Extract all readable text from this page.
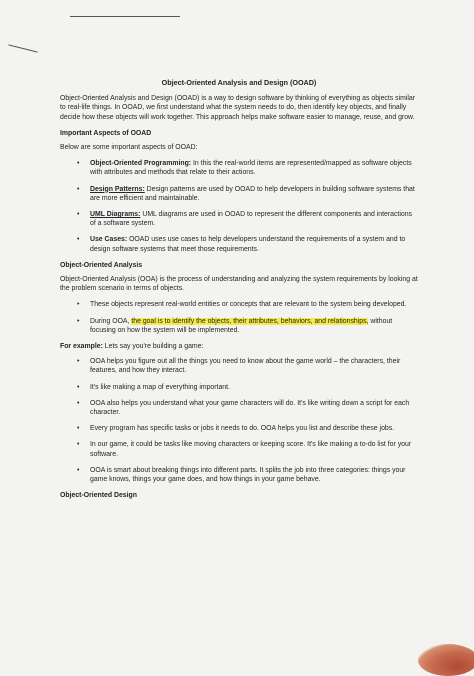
Object-Oriented Analysis and Design (OOAD)

Object-Oriented Analysis and Design (OOAD) is a way to design software by thinking of everything as objects similar to real-life things. In OOAD, we first understand what the system needs to do, then identify key objects, and finally decide how these objects will work together. This approach helps make software easier to manage, reuse, and grow.

Important Aspects of OOAD

Below are some important aspects of OOAD:

• Object-Oriented Programming: In this the real-world items are represented/mapped as software objects with attributes and methods that relate to their actions.
• Design Patterns: Design patterns are used by OOAD to help developers in building software systems that are more efficient and maintainable.
• UML Diagrams: UML diagrams are used in OOAD to represent the different components and interactions of a software system.
• Use Cases: OOAD uses use cases to help developers understand the requirements of a system and to design software systems that meet those requirements.
Object-Oriented Analysis

Object-Oriented Analysis (OOA) is the process of understanding and analyzing the system requirements by looking at the problem scenario in terms of objects.

• These objects represent real-world entities or concepts that are relevant to the system being developed.
• During OOA, the goal is to identify the objects, their attributes, behaviors, and relationships, without focusing on how the system will be implemented.

For example: Lets say you're building a game:

• OOA helps you figure out all the things you need to know about the game world – the characters, their features, and how they interact.
• It's like making a map of everything important.
• OOA also helps you understand what your game characters will do. It's like writing down a script for each character.
• Every program has specific tasks or jobs it needs to do. OOA helps you list and describe these jobs.
• In our game, it could be tasks like moving characters or keeping score. It's like making a to-do list for your software.
• OOA is smart about breaking things into different parts. It splits the job into three categories: things your game knows, things your game does, and how things in your game behave.
Object-Oriented Design
